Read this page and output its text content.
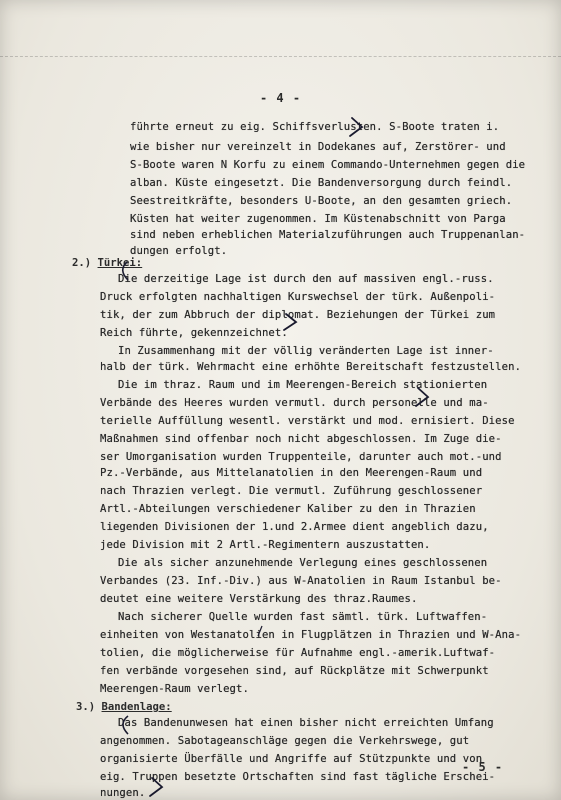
- 4 -
führte erneut zu eig. Schiffsverlusten. S-Boote traten i.
wie bisher nur vereinzelt in Dodekanes auf, Zerstörer- und
S-Boote waren N Korfu zu einem Commando-Unternehmen gegen die
alban. Küste eingesetzt. Die Bandenversorgung durch feindl.
Seestreitkräfte, besonders U-Boote, an den gesamten griech.
Küsten hat weiter zugenommen. Im Küstenabschnitt von Parga
sind neben erheblichen Materialzuführungen auch Truppenanlan-
dungen erfolgt.
2.) Türkei:
Die derzeitige Lage ist durch den auf massiven engl.-russ.
Druck erfolgten nachhaltigen Kurswechsel der türk. Außenpoli-
tik, der zum Abbruch der diplomat. Beziehungen der Türkei zum
Reich führte, gekennzeichnet.
In Zusammenhang mit der völlig veränderten Lage ist inner-
halb der türk. Wehrmacht eine erhöhte Bereitschaft festzustellen.
Die im thraz. Raum und im Meerengen-Bereich stationierten
Verbände des Heeres wurden vermutl. durch personelle und ma-
terielle Auffüllung wesentl. verstärkt und mod. ernisiert. Diese
Maßnahmen sind offenbar noch nicht abgeschlossen. Im Zuge die-
ser Umorganisation wurden Truppenteile, darunter auch mot.-und
Pz.-Verbände, aus Mittelanatolien in den Meerengen-Raum und
nach Thrazien verlegt. Die vermutl. Zuführung geschlossener
Artl.-Abteilungen verschiedener Kaliber zu den in Thrazien
liegenden Divisionen der 1.und 2.Armee dient angeblich dazu,
jede Division mit 2 Artl.-Regimentern auszustatten.
Die als sicher anzunehmende Verlegung eines geschlossenen
Verbandes (23. Inf.-Div.) aus W-Anatolien in Raum Istanbul be-
deutet eine weitere Verstärkung des thraz.Raumes.
Nach sicherer Quelle wurden fast sämtl. türk. Luftwaffen-
einheiten von Westanatolien in Flugplätzen in Thrazien und W-Ana-
tolien, die möglicherweise für Aufnahme engl.-amerik.Luftwaf-
fen verbände vorgesehen sind, auf Rückplätze mit Schwerpunkt
Meerengen-Raum verlegt.
3.) Bandenlage:
Das Bandenunwesen hat einen bisher nicht erreichten Umfang
angenommen. Sabotageanschläge gegen die Verkehrswege, gut
organisierte Überfälle und Angriffe auf Stützpunkte und von
eig. Truppen besetzte Ortschaften sind fast tägliche Erschei-
nungen.
- 5 -
